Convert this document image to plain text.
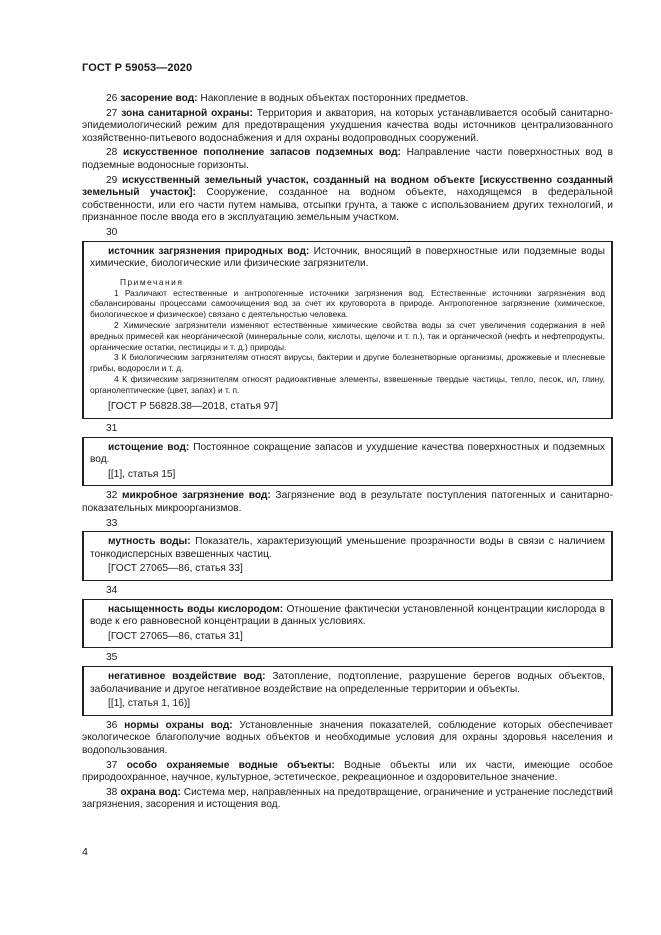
ГОСТ Р 59053—2020

26 засорение вод: Накопление в водных объектах посторонних предметов.

27 зона санитарной охраны: Территория и акватория, на которых устанавливается особый санитарно-эпидемиологический режим для предотвращения ухудшения качества воды источников централизованного хозяйственно-питьевого водоснабжения и для охраны водопроводных сооружений.

28 искусственное пополнение запасов подземных вод: Направление части поверхностных вод в подземные водоносные горизонты.

29 искусственный земельный участок, созданный на водном объекте [искусственно созданный земельный участок]: Сооружение, созданное на водном объекте, находящемся в федеральной собственности, или его части путем намыва, отсыпки грунта, а также с использованием других технологий, и признанное после ввода его в эксплуатацию земельным участком.

30

источник загрязнения природных вод: Источник, вносящий в поверхностные или подземные воды химические, биологические или физические загрязнители.

Примечания

1 Различают естественные и антропогенные источники загрязнения вод. Естественные источники загрязнения вод сбалансированы процессами самоочищения вод за счет их круговорота в природе. Антропогенное загрязнение (химическое, биологическое и физическое) связано с деятельностью человека.

2 Химические загрязнители изменяют естественные химические свойства воды за счет увеличения содержания в ней вредных примесей как неорганической (минеральные соли, кислоты, щелочи и т. п.), так и органической (нефть и нефтепродукты, органические остатки, пестициды и т. д.) природы.

3 К биологическим загрязнителям относят вирусы, бактерии и другие болезнетворные организмы, дрожжевые и плесневые грибы, водоросли и т. д.

4 К физическим загрязнителям относят радиоактивные элементы, взвешенные твердые частицы, тепло, песок, ил, глину, органолептические (цвет, запах) и т. п.

[ГОСТ Р 56828.38—2018, статья 97]

31

истощение вод: Постоянное сокращение запасов и ухудшение качества поверхностных и подземных вод.

[[1], статья 15]

32 микробное загрязнение вод: Загрязнение вод в результате поступления патогенных и санитарно-показательных микроорганизмов.

33

мутность воды: Показатель, характеризующий уменьшение прозрачности воды в связи с наличием тонкодисперсных взвешенных частиц.

[ГОСТ 27065—86, статья 33]

34

насыщенность воды кислородом: Отношение фактически установленной концентрации кислорода в воде к его равновесной концентрации в данных условиях.

[ГОСТ 27065—86, статья 31]

35

негативное воздействие вод: Затопление, подтопление, разрушение берегов водных объектов, заболачивание и другое негативное воздействие на определенные территории и объекты.

[[1], статья 1, 16)]

36 нормы охраны вод: Установленные значения показателей, соблюдение которых обеспечивает экологическое благополучие водных объектов и необходимые условия для охраны здоровья населения и водопользования.

37 особо охраняемые водные объекты: Водные объекты или их части, имеющие особое природоохранное, научное, культурное, эстетическое, рекреационное и оздоровительное значение.

38 охрана вод: Система мер, направленных на предотвращение, ограничение и устранение последствий загрязнения, засорения и истощения вод.

4
